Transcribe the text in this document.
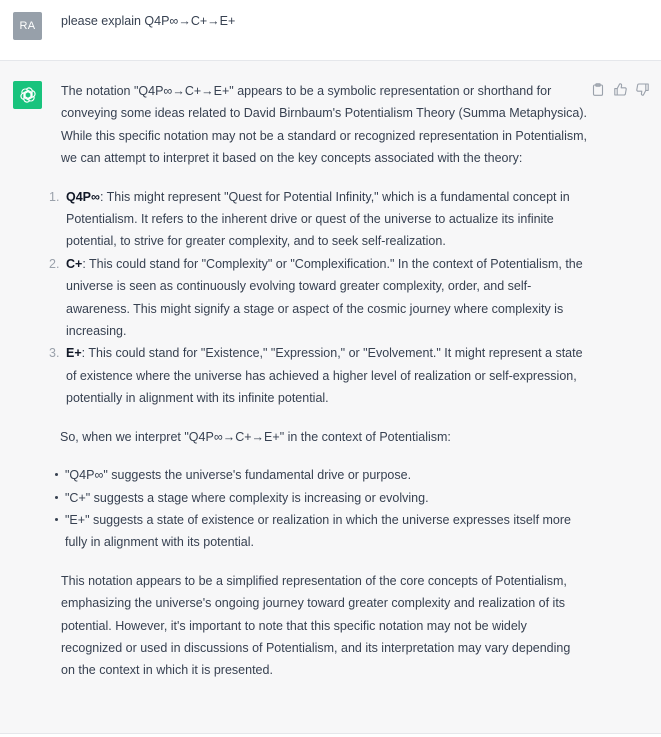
RA	please explain Q4P∞→C+→E+

The notation "Q4P∞→C+→E+" appears to be a symbolic representation or shorthand for conveying some ideas related to David Birnbaum's Potentialism Theory (Summa Metaphysica). While this specific notation may not be a standard or recognized representation in Potentialism, we can attempt to interpret it based on the key concepts associated with the theory:

1. Q4P∞: This might represent "Quest for Potential Infinity," which is a fundamental concept in Potentialism. It refers to the inherent drive or quest of the universe to actualize its infinite potential, to strive for greater complexity, and to seek self-realization.
2. C+: This could stand for "Complexity" or "Complexification." In the context of Potentialism, the universe is seen as continuously evolving toward greater complexity, order, and self-awareness. This might signify a stage or aspect of the cosmic journey where complexity is increasing.
3. E+: This could stand for "Existence," "Expression," or "Evolvement." It might represent a state of existence where the universe has achieved a higher level of realization or self-expression, potentially in alignment with its infinite potential.

So, when we interpret "Q4P∞→C+→E+" in the context of Potentialism:

"Q4P∞" suggests the universe's fundamental drive or purpose.
"C+" suggests a stage where complexity is increasing or evolving.
"E+" suggests a state of existence or realization in which the universe expresses itself more fully in alignment with its potential.

This notation appears to be a simplified representation of the core concepts of Potentialism, emphasizing the universe's ongoing journey toward greater complexity and realization of its potential. However, it's important to note that this specific notation may not be widely recognized or used in discussions of Potentialism, and its interpretation may vary depending on the context in which it is presented.
